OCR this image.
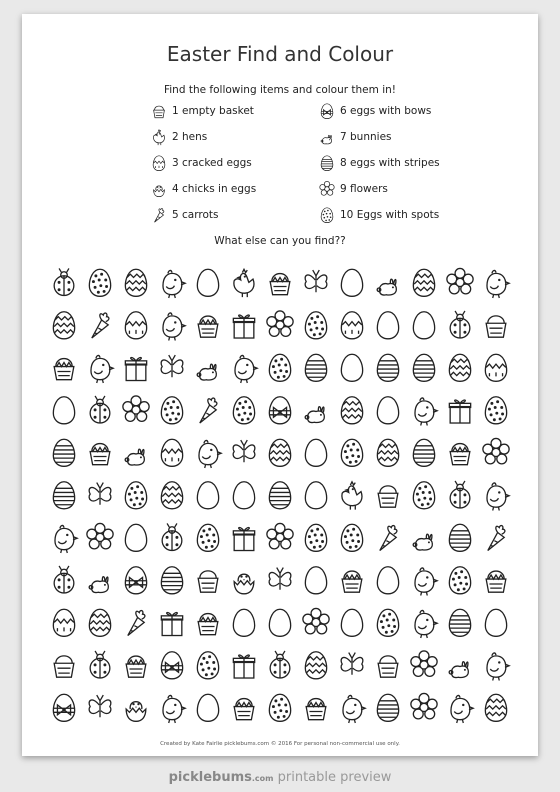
Easter Find and Colour
Find the following items and colour them in!
1 empty basket
2 hens
3 cracked eggs
4 chicks in eggs
5 carrots
6 eggs with bows
7 bunnies
8 eggs with stripes
9 flowers
10 Eggs with spots
What else can you find??
Created by Kate Fairlie picklebums.com © 2016 For personal non-commercial use only.
picklebums.com printable preview
